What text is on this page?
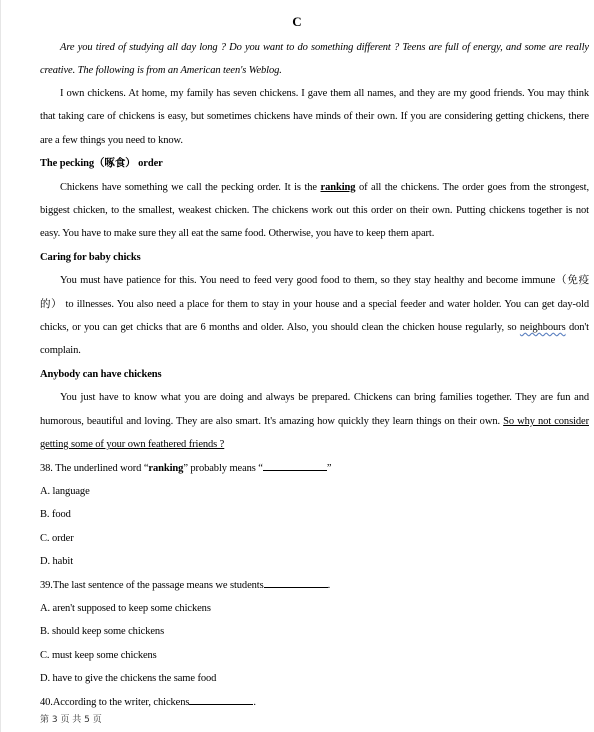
C
Are you tired of studying all day long ? Do you want to do something different ? Teens are full of energy, and some are really creative. The following is from an American teen's Weblog.
I own chickens. At home, my family has seven chickens. I gave them all names, and they are my good friends. You may think that taking care of chickens is easy, but sometimes chickens have minds of their own. If you are considering getting chickens, there are a few things you need to know.
The pecking（啄食） order
Chickens have something we call the pecking order. It is the ranking of all the chickens. The order goes from the strongest, biggest chicken, to the smallest, weakest chicken. The chickens work out this order on their own. Putting chickens together is not easy. You have to make sure they all eat the same food. Otherwise, you have to keep them apart.
Caring for baby chicks
You must have patience for this. You need to feed very good food to them, so they stay healthy and become immune（免疫的） to illnesses. You also need a place for them to stay in your house and a special feeder and water holder. You can get day-old chicks, or you can get chicks that are 6 months and older. Also, you should clean the chicken house regularly, so neighbours don't complain.
Anybody can have chickens
You just have to know what you are doing and always be prepared. Chickens can bring families together. They are fun and humorous, beautiful and loving. They are also smart. It's amazing how quickly they learn things on their own. So why not consider getting some of your own feathered friends ?
38. The underlined word “ranking” probably means “	”
A. language
B. food
C. order
D. habit
39.The last sentence of the passage means we students	.
A. aren't supposed to keep some chickens
B. should keep some chickens
C. must keep some chickens
D. have to give the chickens the same food
40.According to the writer, chickens	.
第 3 页 共 5 页
